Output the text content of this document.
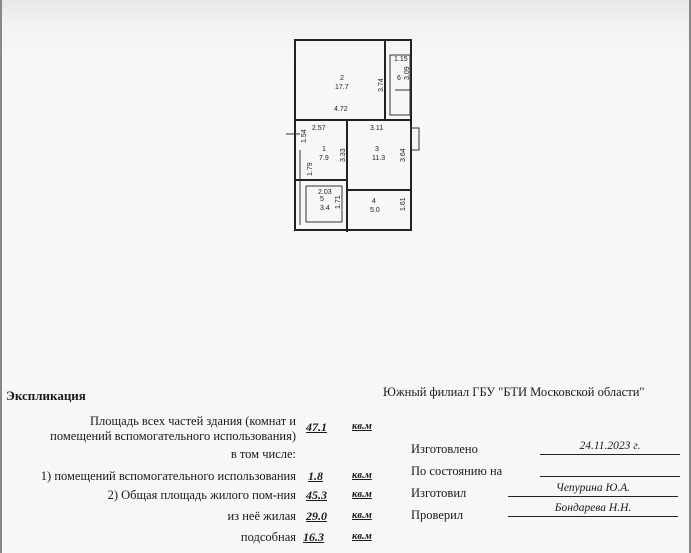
2
17.7
6
1
7.9
3
11.3
5
3.4
4
5.0
1.15
3.74
3.09
4.72
2.57	3.11
1.54
3.33	3.64
1.79
2.03
1.71	1.61
Экспликация	Южный филиал ГБУ "БТИ Московской области"
Площадь всех частей здания (комнат и помещений вспомогательного использования)
47.1 кв.м
в том числе:
1) помещений вспомогательного использования 1.8	кв.м
2) Общая площадь жилого пом-ния 45.3 кв.м
из неё жилая 29.0 кв.м
подсобная 16.3	кв.м
Изготовлено	24.11.2023 г.
По состоянию на
Изготовил	Чепурина Ю.А.
Проверил	Бондарева Н.Н.
